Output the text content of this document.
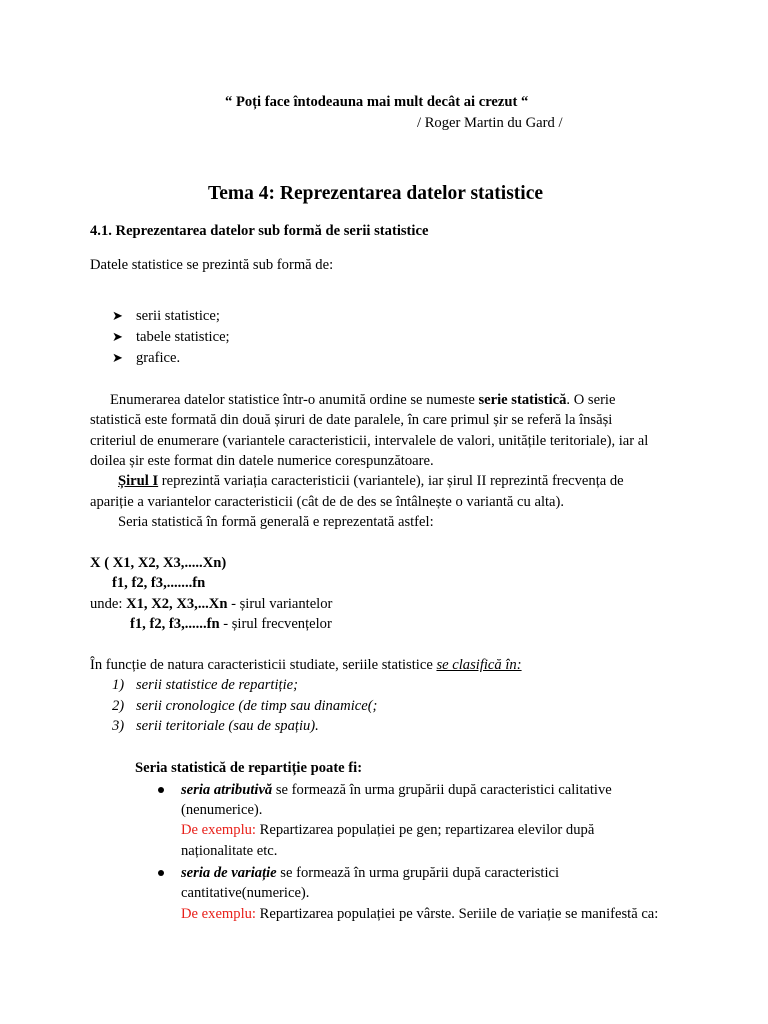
“ Poți face întodeauna mai mult decât ai crezut “
/ Roger Martin du Gard /
Tema 4: Reprezentarea datelor statistice
4.1. Reprezentarea datelor sub formă de serii statistice
Datele statistice se prezintă sub formă de:
➤ serii statistice;
➤ tabele statistice;
➤ grafice.
Enumerarea datelor statistice într-o anumită ordine se numeste serie statistică. O serie
statistică este formată din două șiruri de date paralele, în care primul șir se referă la însăși
criteriul de enumerare (variantele caracteristicii, intervalele de valori, unitățile teritoriale), iar al
doilea șir este format din datele numerice corespunzătoare.
Șirul I reprezintă variația caracteristicii (variantele), iar șirul II reprezintă frecvența de
apariție a variantelor caracteristicii (cât de de des se întâlnește o variantă cu alta).
Seria statistică în formă generală e reprezentată astfel:
X ( X1, X2, X3,.....Xn)
f1, f2, f3,.......fn
unde: X1, X2, X3,...Xn - șirul variantelor
f1, f2, f3,......fn - șirul frecvențelor
În funcție de natura caracteristicii studiate, seriile statistice se clasifică în:
1) serii statistice de repartiție;
2) serii cronologice (de timp sau dinamice(;
3) serii teritoriale (sau de spațiu).
Seria statistică de repartiție poate fi:
seria atributivă se formează în urma grupării după caracteristici calitative
(nenumerice).
De exemplu: Repartizarea populației pe gen; repartizarea elevilor după
naționalitate etc.
seria de variație se formează în urma grupării după caracteristici
cantitative(numerice).
De exemplu: Repartizarea populației pe vârste. Seriile de variație se manifestă ca:
